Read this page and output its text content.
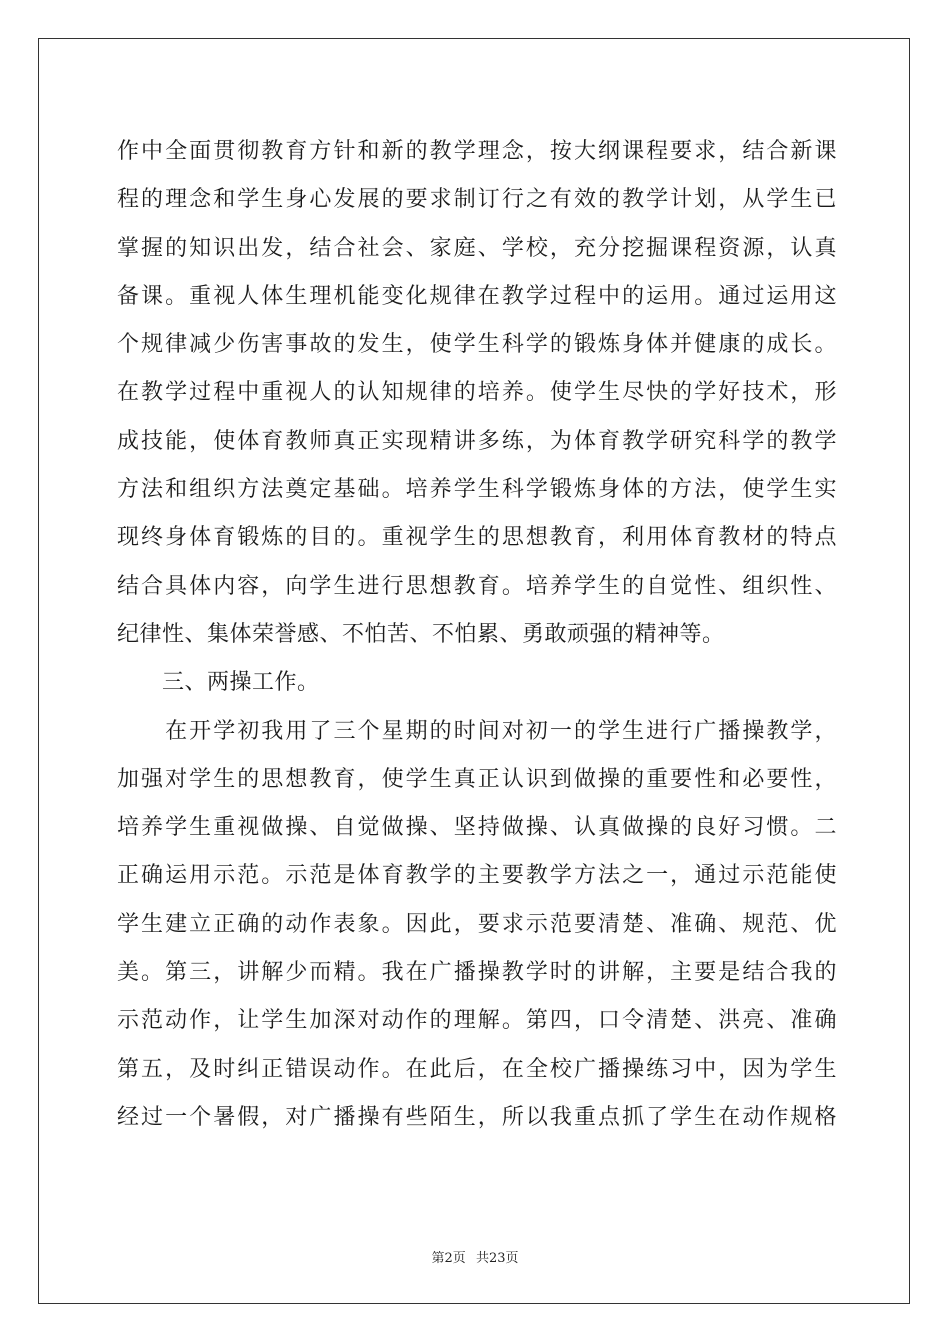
作中全面贯彻教育方针和新的教学理念，按大纲课程要求，结合新课
程的理念和学生身心发展的要求制订行之有效的教学计划，从学生已
掌握的知识出发，结合社会、家庭、学校，充分挖掘课程资源，认真
备课。重视人体生理机能变化规律在教学过程中的运用。通过运用这
个规律减少伤害事故的发生，使学生科学的锻炼身体并健康的成长。
在教学过程中重视人的认知规律的培养。使学生尽快的学好技术，形
成技能，使体育教师真正实现精讲多练，为体育教学研究科学的教学
方法和组织方法奠定基础。培养学生科学锻炼身体的方法，使学生实
现终身体育锻炼的目的。重视学生的思想教育，利用体育教材的特点
结合具体内容，向学生进行思想教育。培养学生的自觉性、组织性、
纪律性、集体荣誉感、不怕苦、不怕累、勇敢顽强的精神等。
　　三、两操工作。
　　在开学初我用了三个星期的时间对初一的学生进行广播操教学，
加强对学生的思想教育，使学生真正认识到做操的重要性和必要性，
培养学生重视做操、自觉做操、坚持做操、认真做操的良好习惯。二
正确运用示范。示范是体育教学的主要教学方法之一，通过示范能使
学生建立正确的动作表象。因此，要求示范要清楚、准确、规范、优
美。第三，讲解少而精。我在广播操教学时的讲解，主要是结合我的
示范动作，让学生加深对动作的理解。第四，口令清楚、洪亮、准确
第五，及时纠正错误动作。在此后，在全校广播操练习中，因为学生
经过一个暑假，对广播操有些陌生，所以我重点抓了学生在动作规格
第2页 共23页
